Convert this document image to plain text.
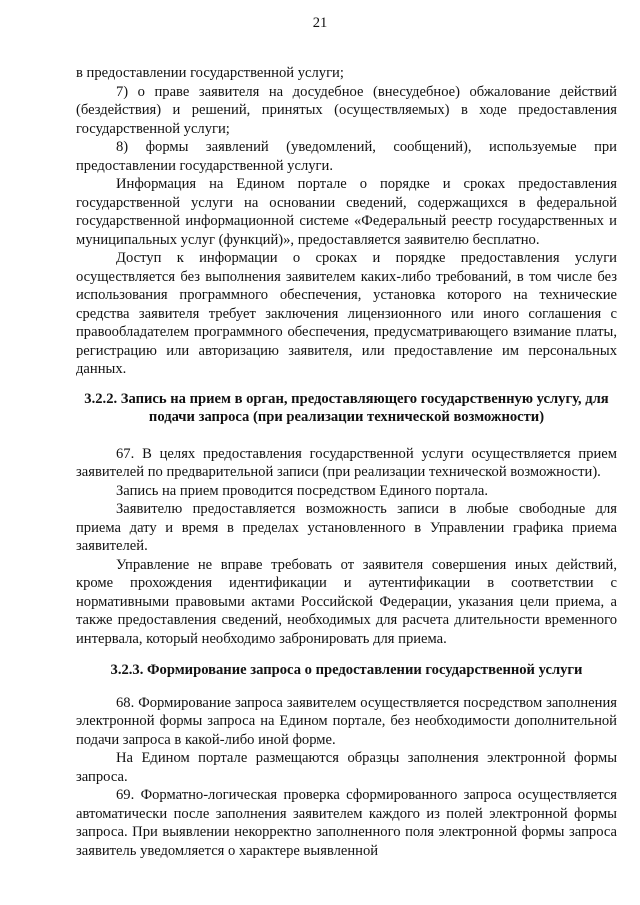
21

в предоставлении государственной услуги;

7) о праве заявителя на досудебное (внесудебное) обжалование действий (бездействия) и решений, принятых (осуществляемых) в ходе предоставления государственной услуги;

8) формы заявлений (уведомлений, сообщений), используемые при предоставлении государственной услуги.

Информация на Едином портале о порядке и сроках предоставления государственной услуги на основании сведений, содержащихся в федеральной государственной информационной системе «Федеральный реестр государственных и муниципальных услуг (функций)», предоставляется заявителю бесплатно.

Доступ к информации о сроках и порядке предоставления услуги осуществляется без выполнения заявителем каких-либо требований, в том числе без использования программного обеспечения, установка которого на технические средства заявителя требует заключения лицензионного или иного соглашения с правообладателем программного обеспечения, предусматривающего взимание платы, регистрацию или авторизацию заявителя, или предоставление им персональных данных.

3.2.2. Запись на прием в орган, предоставляющего государственную услугу, для подачи запроса (при реализации технической возможности)

67. В целях предоставления государственной услуги осуществляется прием заявителей по предварительной записи (при реализации технической возможности).

Запись на прием проводится посредством Единого портала.

Заявителю предоставляется возможность записи в любые свободные для приема дату и время в пределах установленного в Управлении графика приема заявителей.

Управление не вправе требовать от заявителя совершения иных действий, кроме прохождения идентификации и аутентификации в соответствии с нормативными правовыми актами Российской Федерации, указания цели приема, а также предоставления сведений, необходимых для расчета длительности временного интервала, который необходимо забронировать для приема.

3.2.3. Формирование запроса о предоставлении государственной услуги

68. Формирование запроса заявителем осуществляется посредством заполнения электронной формы запроса на Едином портале, без необходимости дополнительной подачи запроса в какой-либо иной форме.

На Едином портале размещаются образцы заполнения электронной формы запроса.

69. Форматно-логическая проверка сформированного запроса осуществляется автоматически после заполнения заявителем каждого из полей электронной формы запроса. При выявлении некорректно заполненного поля электронной формы запроса заявитель уведомляется о характере выявленной
